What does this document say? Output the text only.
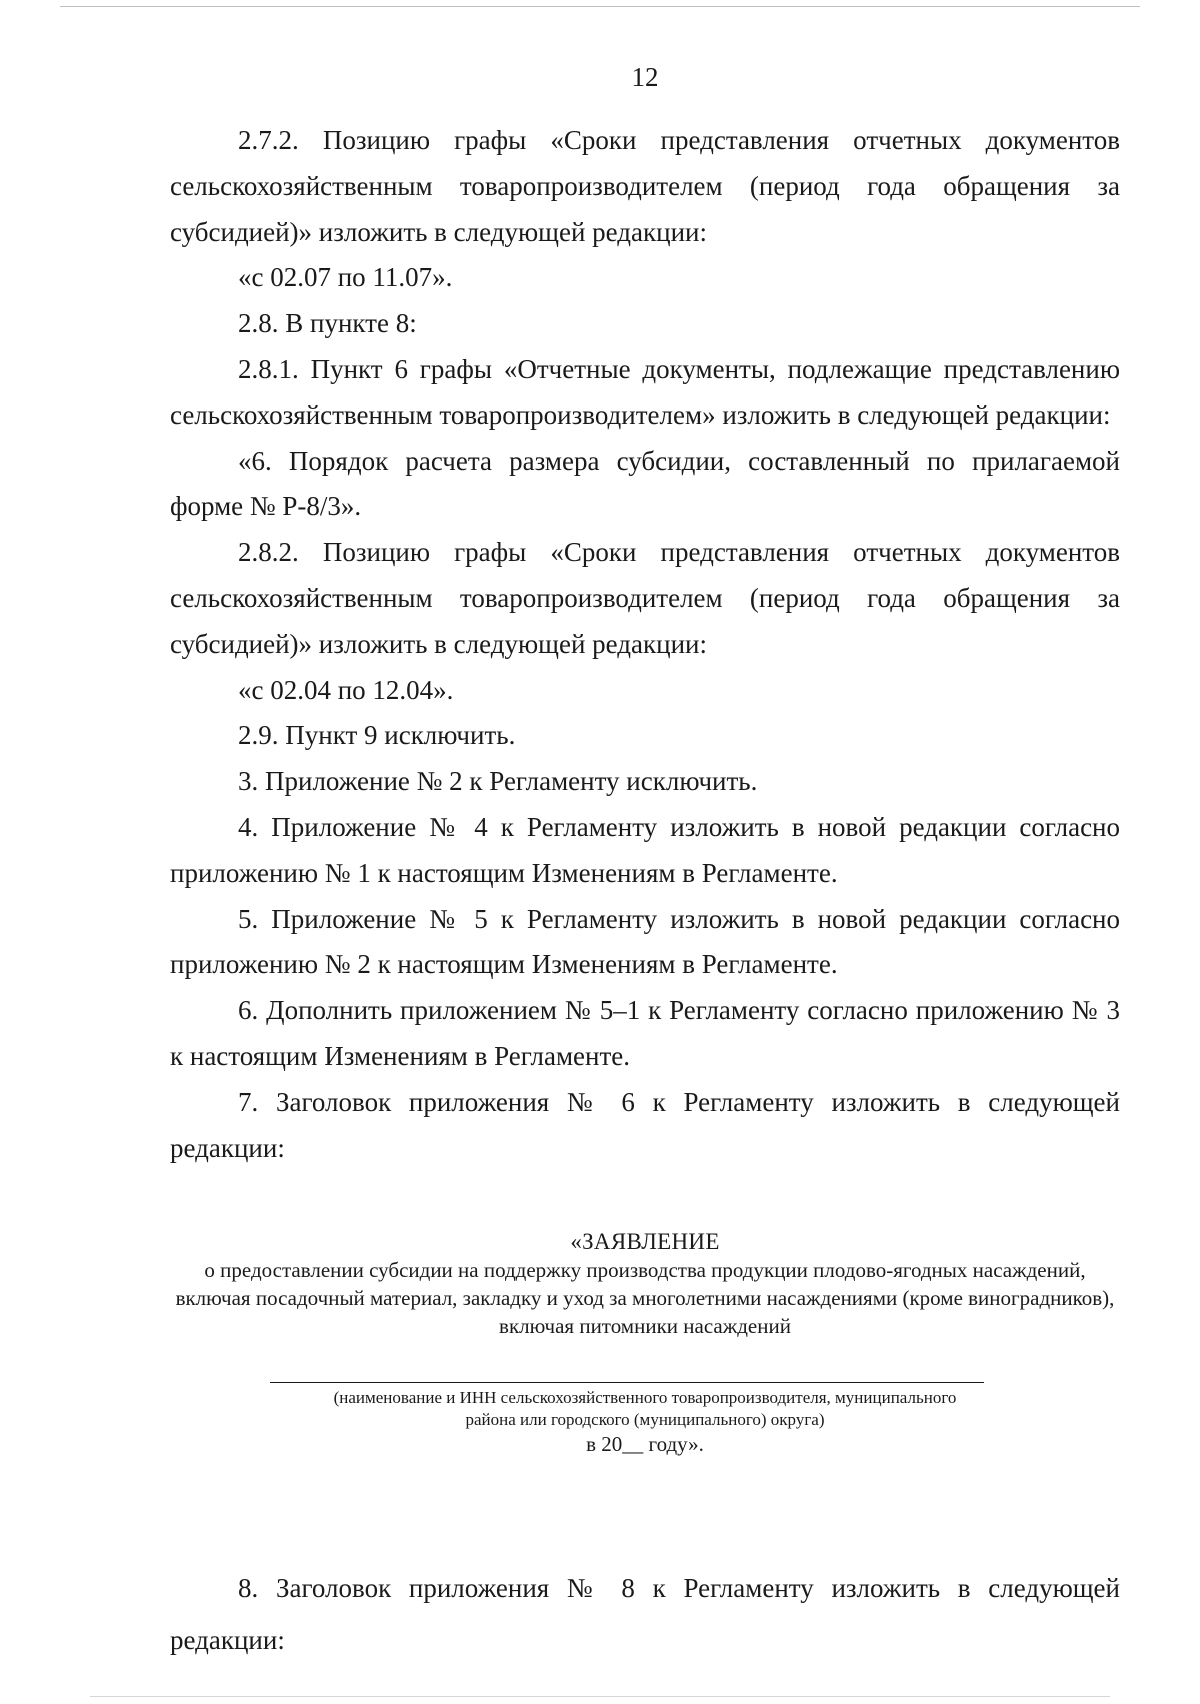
12

2.7.2. Позицию графы «Сроки представления отчетных документов сельскохозяйственным товаропроизводителем (период года обращения за субсидией)» изложить в следующей редакции:

«с 02.07 по 11.07».

2.8. В пункте 8:

2.8.1. Пункт 6 графы «Отчетные документы, подлежащие представлению сельскохозяйственным товаропроизводителем» изложить в следующей редакции:

«6. Порядок расчета размера субсидии, составленный по прилагаемой форме № Р-8/3».

2.8.2. Позицию графы «Сроки представления отчетных документов сельскохозяйственным товаропроизводителем (период года обращения за субсидией)» изложить в следующей редакции:

«с 02.04 по 12.04».

2.9. Пункт 9 исключить.

3. Приложение № 2 к Регламенту исключить.

4. Приложение № 4 к Регламенту изложить в новой редакции согласно приложению № 1 к настоящим Изменениям в Регламенте.

5. Приложение № 5 к Регламенту изложить в новой редакции согласно приложению № 2 к настоящим Изменениям в Регламенте.

6. Дополнить приложением № 5–1 к Регламенту согласно приложению № 3 к настоящим Изменениям в Регламенте.

7. Заголовок приложения № 6 к Регламенту изложить в следующей редакции:

«ЗАЯВЛЕНИЕ

о предоставлении субсидии на поддержку производства продукции плодово-ягодных насаждений, включая посадочный материал, закладку и уход за многолетними насаждениями (кроме виноградников), включая питомники насаждений

(наименование и ИНН сельскохозяйственного товаропроизводителя, муниципального
района или городского (муниципального) округа)
в 20__ году».

8. Заголовок приложения № 8 к Регламенту изложить в следующей редакции:
